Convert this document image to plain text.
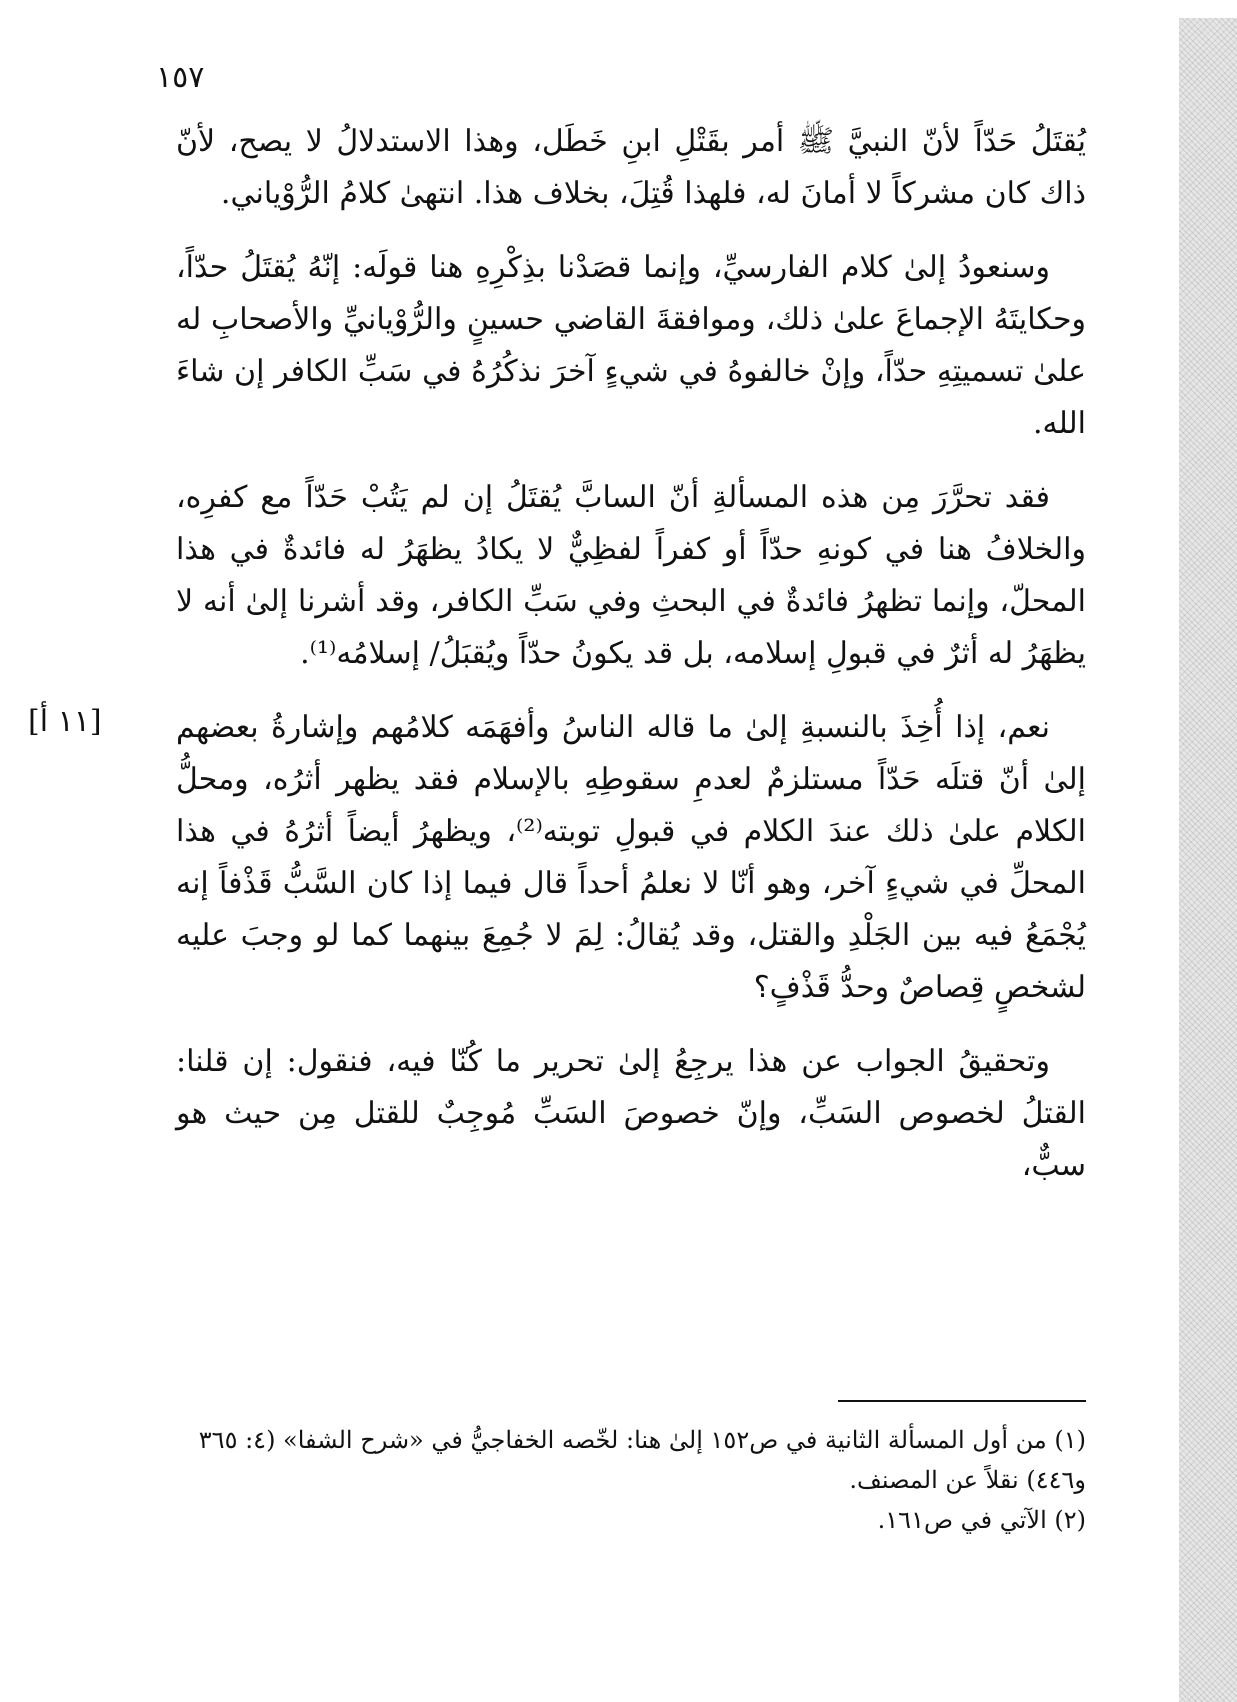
١٥٧

يُقتَلُ حَدّاً لأنّ النبيَّ ﷺ أمر بقَتْلِ ابنِ خَطَل، وهذا الاستدلالُ لا يصح، لأنّ ذاك كان مشركاً لا أمانَ له، فلهذا قُتِلَ، بخلاف هذا. انتهىٰ كلامُ الرُّوْياني.

وسنعودُ إلىٰ كلام الفارسيِّ، وإنما قصَدْنا بذِكْرِهِ هنا قولَه: إنّهُ يُقتَلُ حدّاً، وحكايتَهُ الإجماعَ علىٰ ذلك، وموافقةَ القاضي حسينٍ والرُّوْيانيِّ والأصحابِ له علىٰ تسميتِهِ حدّاً، وإنْ خالفوهُ في شيءٍ آخرَ نذكُرُهُ في سَبِّ الكافر إن شاءَ الله.

فقد تحرَّرَ مِن هذه المسألةِ أنّ السابَّ يُقتَلُ إن لم يَتُبْ حَدّاً مع كفرِه، والخلافُ هنا في كونهِ حدّاً أو كفراً لفظِيٌّ لا يكادُ يظهَرُ له فائدةٌ في هذا المحلّ، وإنما تظهرُ فائدةٌ في البحثِ وفي سَبِّ الكافر، وقد أشرنا إلىٰ أنه لا يظهَرُ له أثرٌ في قبولِ إسلامه، بل قد يكونُ حدّاً ويُقبَلُ/ إسلامُه⁽¹⁾.

نعم، إذا أُخِذَ بالنسبةِ إلىٰ ما قاله الناسُ وأفهَمَه كلامُهم وإشارةُ بعضهم إلىٰ أنّ قتلَه حَدّاً مستلزمٌ لعدمِ سقوطِهِ بالإسلام فقد يظهر أثرُه، ومحلُّ الكلام علىٰ ذلك عندَ الكلام في قبولِ توبته⁽²⁾، ويظهرُ أيضاً أثرُهُ في هذا المحلِّ في شيءٍ آخر، وهو أنّا لا نعلمُ أحداً قال فيما إذا كان السَّبُّ قَذْفاً إنه يُجْمَعُ فيه بين الجَلْدِ والقتل، وقد يُقالُ: لِمَ لا جُمِعَ بينهما كما لو وجبَ عليه لشخصٍ قِصاصٌ وحدُّ قَذْفٍ؟

وتحقيقُ الجواب عن هذا يرجِعُ إلىٰ تحرير ما كُنّا فيه، فنقول: إن قلنا: القتلُ لخصوص السَبِّ، وإنّ خصوصَ السَبِّ مُوجِبٌ للقتل مِن حيث هو سبٌّ،

[١١ أ]

(١) من أول المسألة الثانية في ص١٥٢ إلىٰ هنا: لخّصه الخفاجيُّ في «شرح الشفا» (٤: ٣٦٥ و٤٤٦) نقلاً عن المصنف.

(٢) الآتي في ص١٦١.
